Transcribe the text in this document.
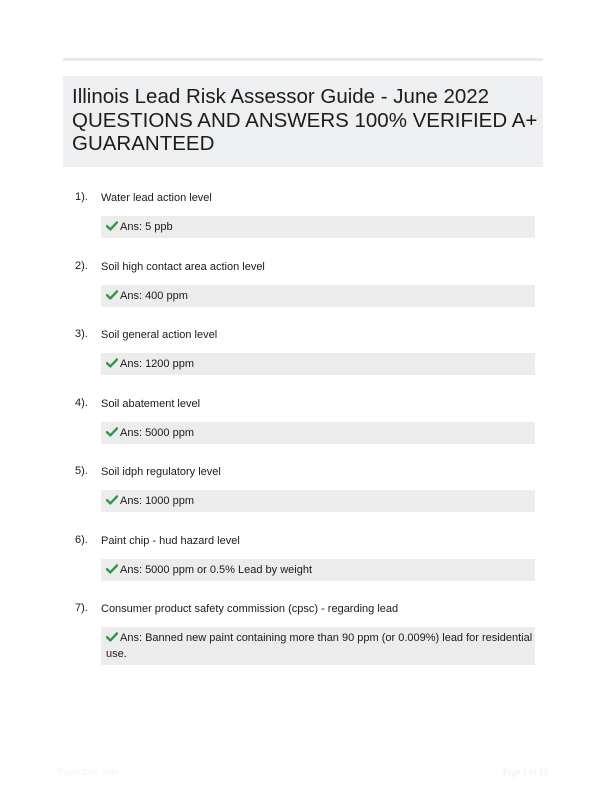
Illinois Lead Risk Assessor Guide - June 2022
QUESTIONS AND ANSWERS 100% VERIFIED A+
GUARANTEED
1). Water lead action level
Ans: 5 ppb
2). Soil high contact area action level
Ans: 400 ppm
3). Soil general action level
Ans: 1200 ppm
4). Soil abatement level
Ans: 5000 ppm
5). Soil idph regulatory level
Ans: 1000 ppm
6). Paint chip - hud hazard level
Ans: 5000 ppm or 0.5% Lead by weight
7). Consumer product safety commission (cpsc) - regarding lead
Ans: Banned new paint containing more than 90 ppm (or 0.009%) lead for residential
use.
Paper3lbic.com	Page 1 of 12
